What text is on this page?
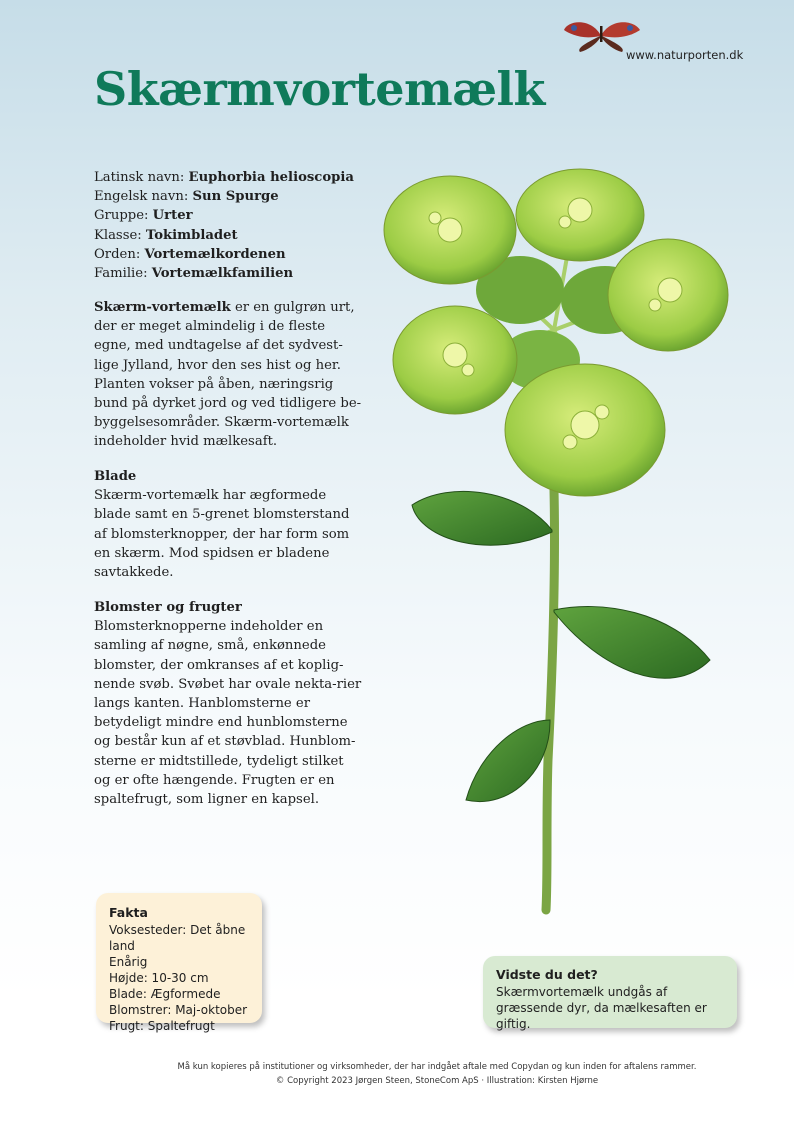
www.naturporten.dk
Skærmvortemælk
Latinsk navn: Euphorbia helioscopia
Engelsk navn: Sun Spurge
Gruppe: Urter
Klasse: Tokimbladet
Orden: Vortemælkordenen
Familie: Vortemælkfamilien

Skærm-vortemælk er en gulgrøn urt, der er meget almindelig i de fleste egne, med undtagelse af det sydvest-lige Jylland, hvor den ses hist og her. Planten vokser på åben, næringsrig bund på dyrket jord og ved tidligere be-byggelsesområder. Skærm-vortemælk indeholder hvid mælkesaft.

Blade

Skærm-vortemælk har ægformede blade samt en 5-grenet blomsterstand af blomsterknopper, der har form som en skærm. Mod spidsen er bladene savtakkede.

Blomster og frugter

Blomsterknopperne indeholder en samling af nøgne, små, enkønnede blomster, der omkranses af et koplig-nende svøb. Svøbet har ovale nekta-rier langs kanten. Hanblomsterne er betydeligt mindre end hunblomsterne og består kun af et støvblad. Hunblom-sterne er midtstillede, tydeligt stilket og er ofte hængende. Frugten er en spaltefrugt, som ligner en kapsel.

Fakta
Voksesteder: Det åbne land
Enårig
Højde: 10-30 cm
Blade: Ægformede
Blomstrer: Maj-oktober
Frugt: Spaltefrugt
Vidste du det?
Skærmvortemælk undgås af græssende dyr, da mælkesaften er giftig.
Må kun kopieres på institutioner og virksomheder, der har indgået aftale med Copydan og kun inden for aftalens rammer.
© Copyright 2023 Jørgen Steen, StoneCom ApS · Illustration: Kirsten Hjørne
